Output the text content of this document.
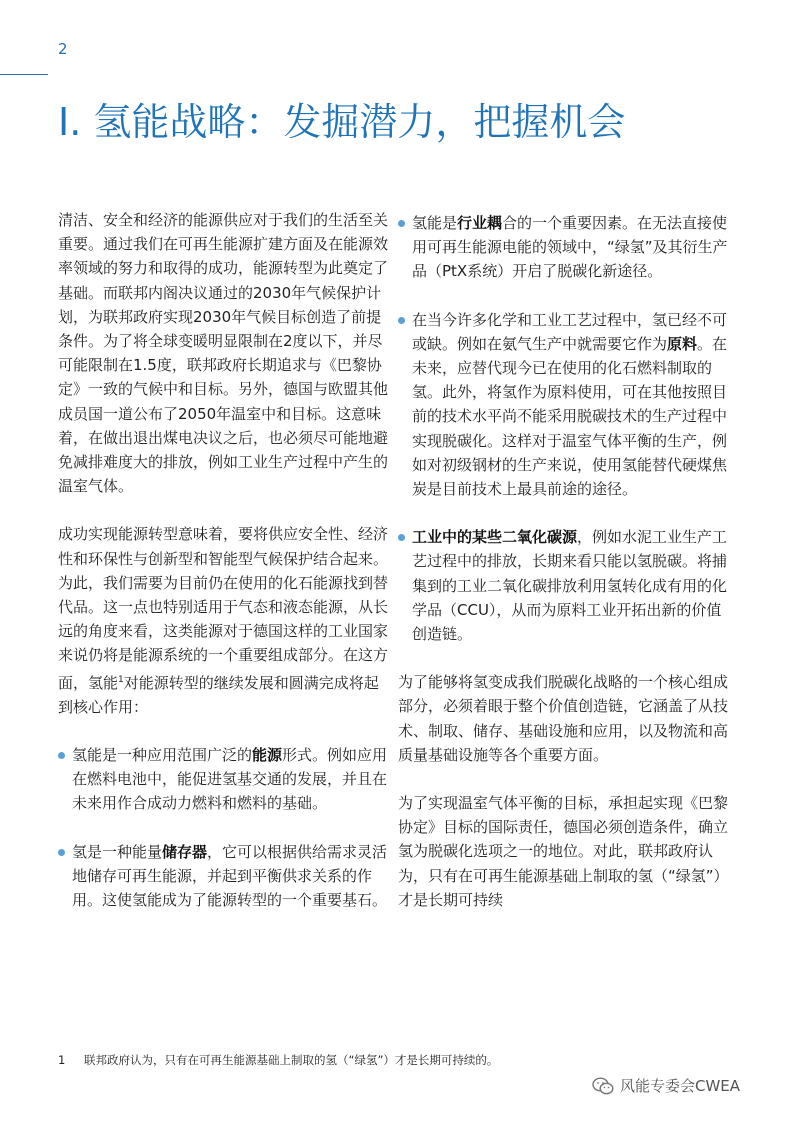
2
I. 氢能战略：发掘潜力，把握机会

清洁、安全和经济的能源供应对于我们的生活至关重要。通过我们在可再生能源扩建方面及在能源效率领域的努力和取得的成功，能源转型为此奠定了基础。而联邦内阁决议通过的2030年气候保护计划，为联邦政府实现2030年气候目标创造了前提条件。为了将全球变暖明显限制在2度以下，并尽可能限制在1.5度，联邦政府长期追求与《巴黎协定》一致的气候中和目标。另外，德国与欧盟其他成员国一道公布了2050年温室中和目标。这意味着，在做出退出煤电决议之后，也必须尽可能地避免减排难度大的排放，例如工业生产过程中产生的温室气体。

成功实现能源转型意味着，要将供应安全性、经济性和环保性与创新型和智能型气候保护结合起来。为此，我们需要为目前仍在使用的化石能源找到替代品。这一点也特别适用于气态和液态能源，从长远的角度来看，这类能源对于德国这样的工业国家来说仍将是能源系统的一个重要组成部分。在这方面，氢能$^1$对能源转型的继续发展和圆满完成将起到核心作用：

氢能是一种应用范围广泛的能源形式。例如应用在燃料电池中，能促进氢基交通的发展，并且在未来用作合成动力燃料和燃料的基础。

氢是一种能量储存器，它可以根据供给需求灵活地储存可再生能源，并起到平衡供求关系的作用。这使氢能成为了能源转型的一个重要基石。

氢能是行业耦合的一个重要因素。在无法直接使用可再生能源电能的领域中，“绿氢”及其衍生产品（PtX系统）开启了脱碳化新途径。

在当今许多化学和工业工艺过程中，氢已经不可或缺。例如在氨气生产中就需要它作为原料。在未来，应替代现今已在使用的化石燃料制取的氢。此外，将氢作为原料使用，可在其他按照目前的技术水平尚不能采用脱碳技术的生产过程中实现脱碳化。这样对于温室气体平衡的生产，例如对初级钢材的生产来说，使用氢能替代硬煤焦炭是目前技术上最具前途的途径。

工业中的某些二氧化碳源，例如水泥工业生产工艺过程中的排放，长期来看只能以氢脱碳。将捕集到的工业二氧化碳排放利用氢转化成有用的化学品（CCU），从而为原料工业开拓出新的价值创造链。

为了能够将氢变成我们脱碳化战略的一个核心组成部分，必须着眼于整个价值创造链，它涵盖了从技术、制取、储存、基础设施和应用，以及物流和高质量基础设施等各个重要方面。

为了实现温室气体平衡的目标，承担起实现《巴黎协定》目标的国际责任，德国必须创造条件，确立氢为脱碳化选项之一的地位。对此，联邦政府认为，只有在可再生能源基础上制取的氢（“绿氢”）才是长期可持续

1 联邦政府认为，只有在可再生能源基础上制取的氢（“绿氢”）才是长期可持续的。
风能专委会CWEA
